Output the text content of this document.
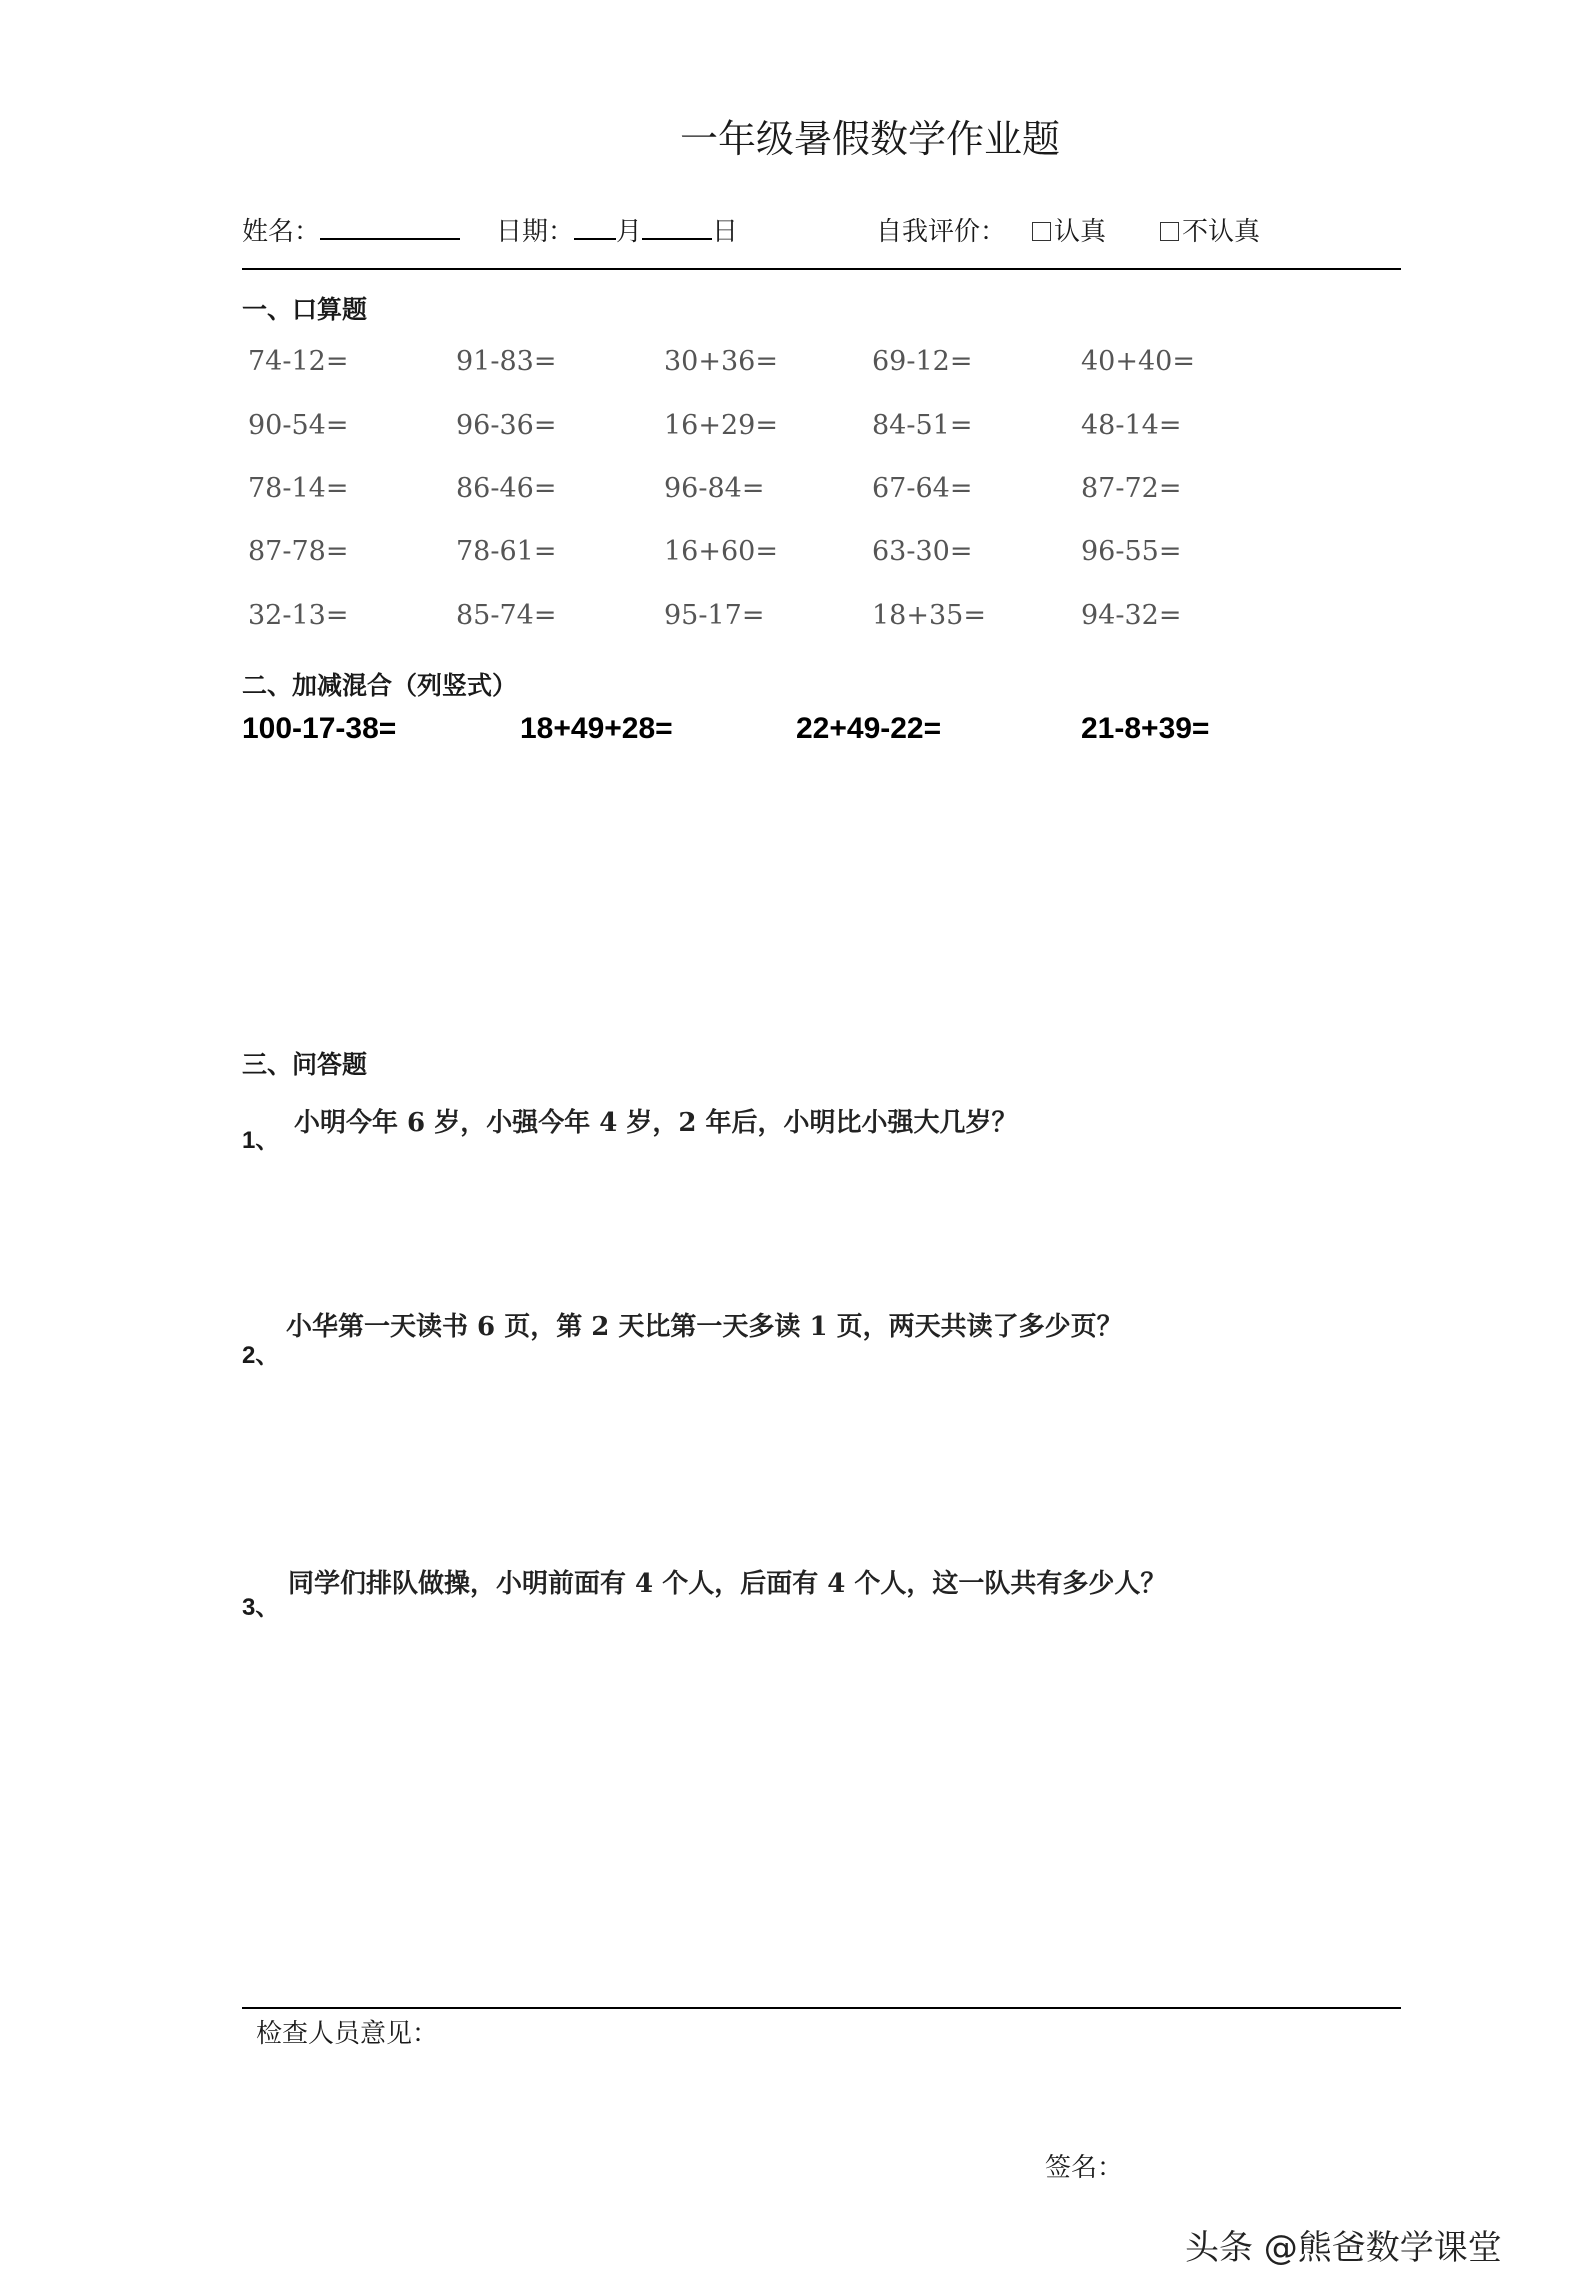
一年级暑假数学作业题
姓名：	日期： 月	日	自我评价：	认真	不认真
一、口算题
74-12=	91-83=	30+36=	69-12=	40+40=
90-54=	96-36=	16+29=	84-51=	48-14=
78-14=	86-46=	96-84=	67-64=	87-72=
87-78=	78-61=	16+60=	63-30=	96-55=
32-13=	85-74=	95-17=	18+35=	94-32=
二、加减混合（列竖式）
100-17-38=	18+49+28=	22+49-22=	21-8+39=
三、问答题
1、
小明今年 6 岁，小强今年 4 岁，2 年后，小明比小强大几岁？
2、
小华第一天读书 6 页，第 2 天比第一天多读 1 页，两天共读了多少页？
3、
同学们排队做操，小明前面有 4 个人，后面有 4 个人，这一队共有多少人？
检查人员意见：
签名：
头条 @熊爸数学课堂
